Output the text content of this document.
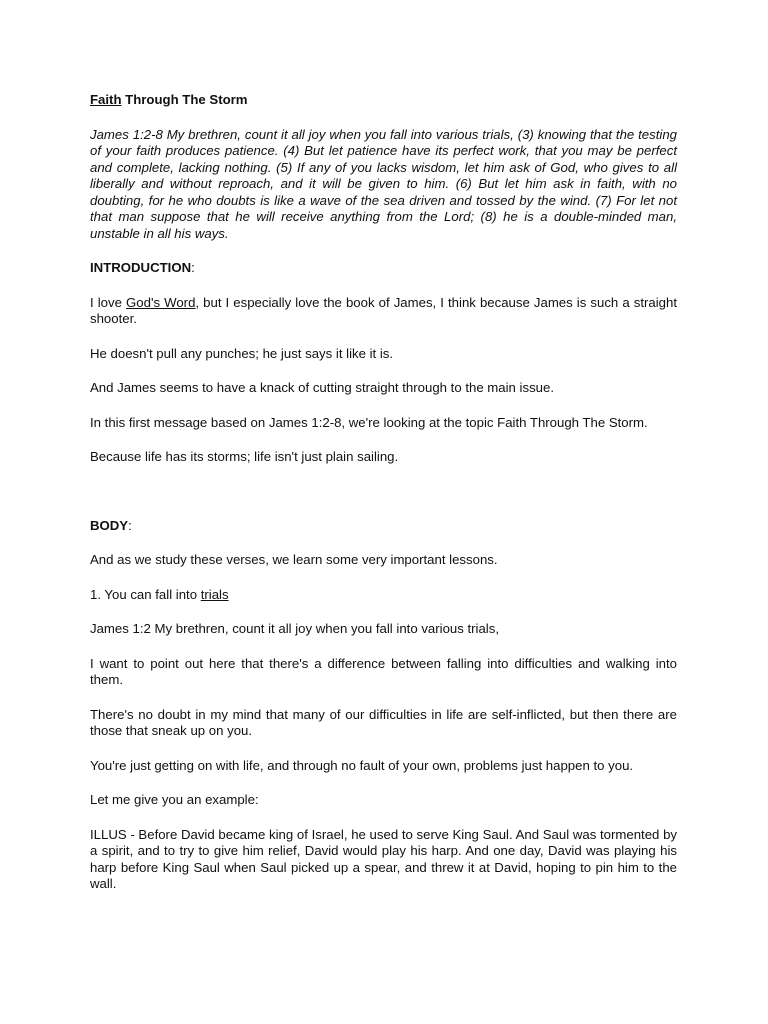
Faith Through The Storm
James 1:2-8 My brethren, count it all joy when you fall into various trials, (3) knowing that the testing of your faith produces patience. (4) But let patience have its perfect work, that you may be perfect and complete, lacking nothing. (5) If any of you lacks wisdom, let him ask of God, who gives to all liberally and without reproach, and it will be given to him. (6) But let him ask in faith, with no doubting, for he who doubts is like a wave of the sea driven and tossed by the wind. (7) For let not that man suppose that he will receive anything from the Lord; (8) he is a double-minded man, unstable in all his ways.
INTRODUCTION:

I love God's Word, but I especially love the book of James, I think because James is such a straight shooter.

He doesn't pull any punches; he just says it like it is.

And James seems to have a knack of cutting straight through to the main issue.

In this first message based on James 1:2-8, we're looking at the topic Faith Through The Storm.

Because life has its storms; life isn't just plain sailing.

BODY:

And as we study these verses, we learn some very important lessons.

1. You can fall into trials

James 1:2 My brethren, count it all joy when you fall into various trials,

I want to point out here that there's a difference between falling into difficulties and walking into them.

There's no doubt in my mind that many of our difficulties in life are self-inflicted, but then there are those that sneak up on you.

You're just getting on with life, and through no fault of your own, problems just happen to you.

Let me give you an example:

ILLUS - Before David became king of Israel, he used to serve King Saul. And Saul was tormented by a spirit, and to try to give him relief, David would play his harp. And one day, David was playing his harp before King Saul when Saul picked up a spear, and threw it at David, hoping to pin him to the wall.
